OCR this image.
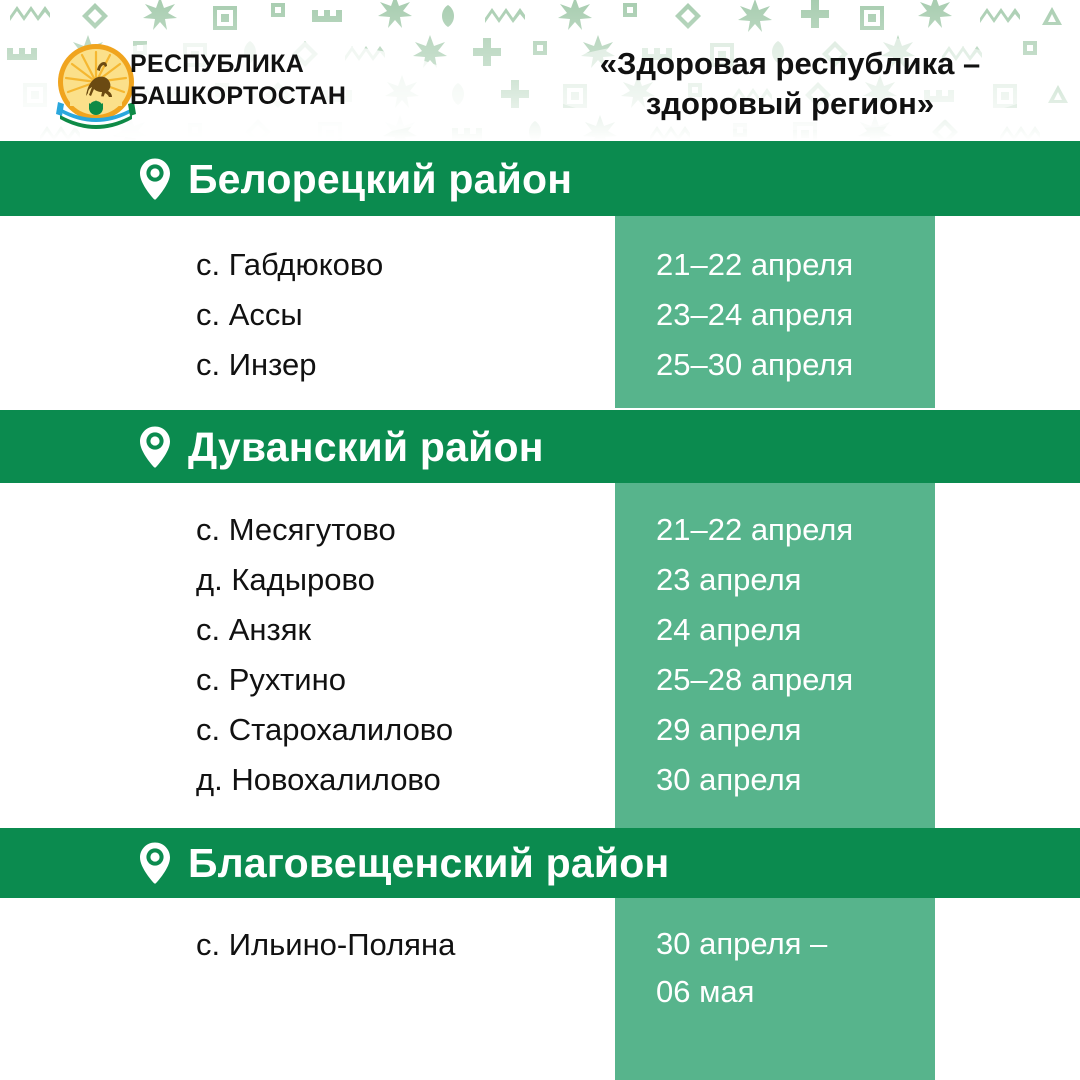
РЕСПУБЛИКА
БАШКОРТОСТАН
«Здоровая республика –
здоровый регион»
Белорецкий район
с. Габдюково
с. Ассы
с. Инзер
21–22 апреля
23–24 апреля
25–30 апреля
Дуванский район
с. Месягутово
д. Кадырово
с. Анзяк
с. Рухтино
с. Старохалилово
д. Новохалилово
21–22 апреля
23 апреля
24 апреля
25–28 апреля
29 апреля
30 апреля
Благовещенский район
с. Ильино-Поляна	30 апреля –
06 мая
